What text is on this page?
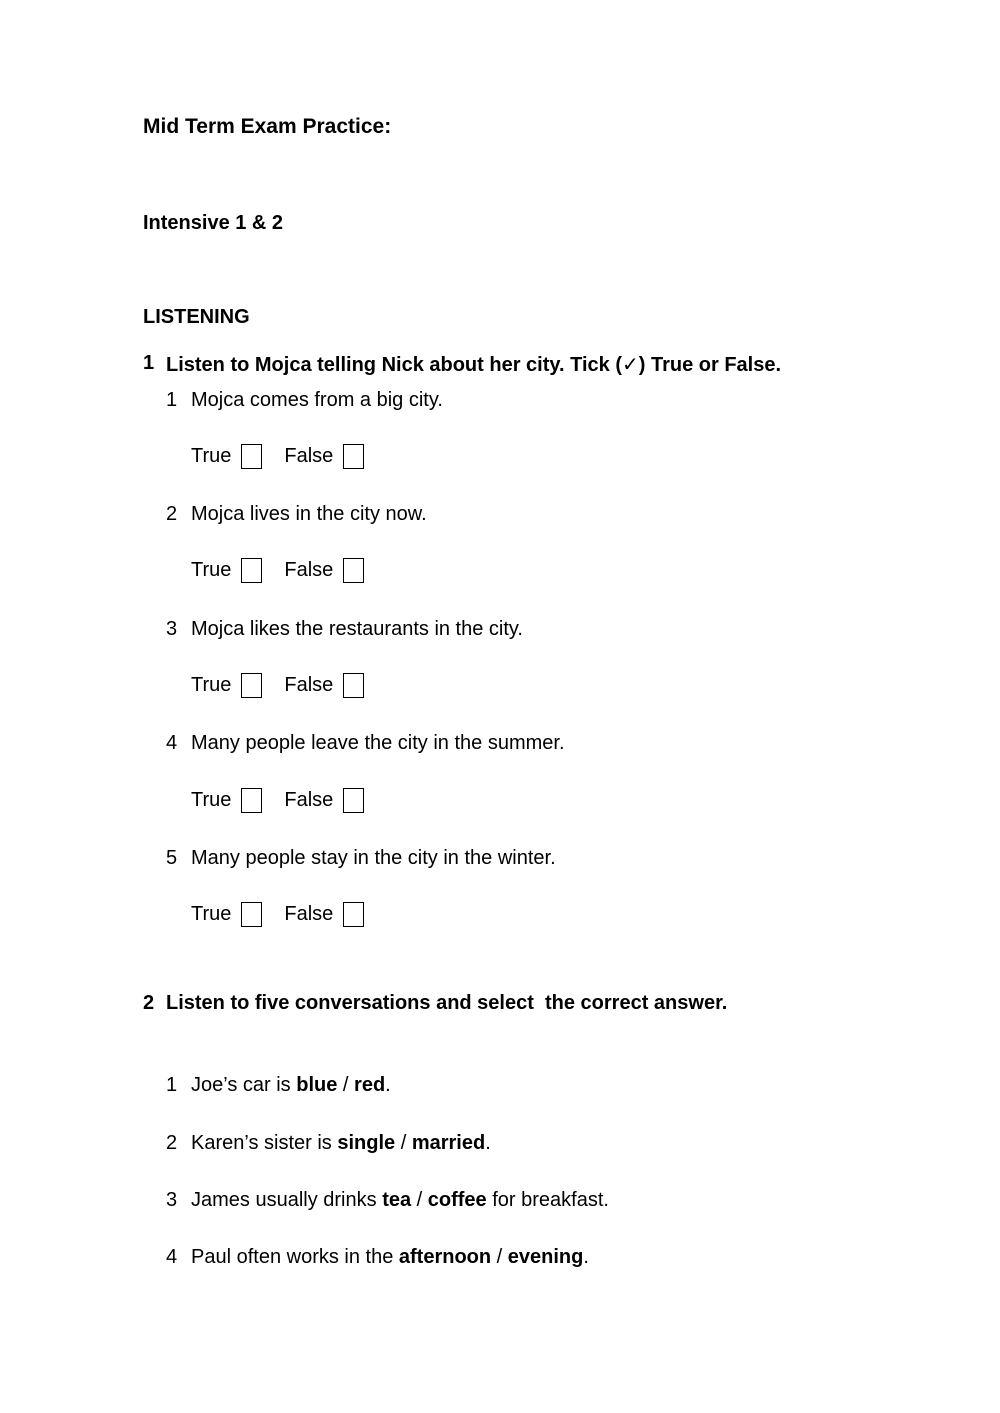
Mid Term Exam Practice:
Intensive 1 & 2
LISTENING
1 Listen to Mojca telling Nick about her city. Tick (✓) True or False.
1 Mojca comes from a big city.
True	False
2 Mojca lives in the city now.
True	False
3 Mojca likes the restaurants in the city.
True	False
4 Many people leave the city in the summer.
True	False
5 Many people stay in the city in the winter.
True	False
2 Listen to five conversations and select  the correct answer.
1 Joe’s car is blue / red.
2 Karen’s sister is single / married.
3 James usually drinks tea / coffee for breakfast.
4 Paul often works in the afternoon / evening.
